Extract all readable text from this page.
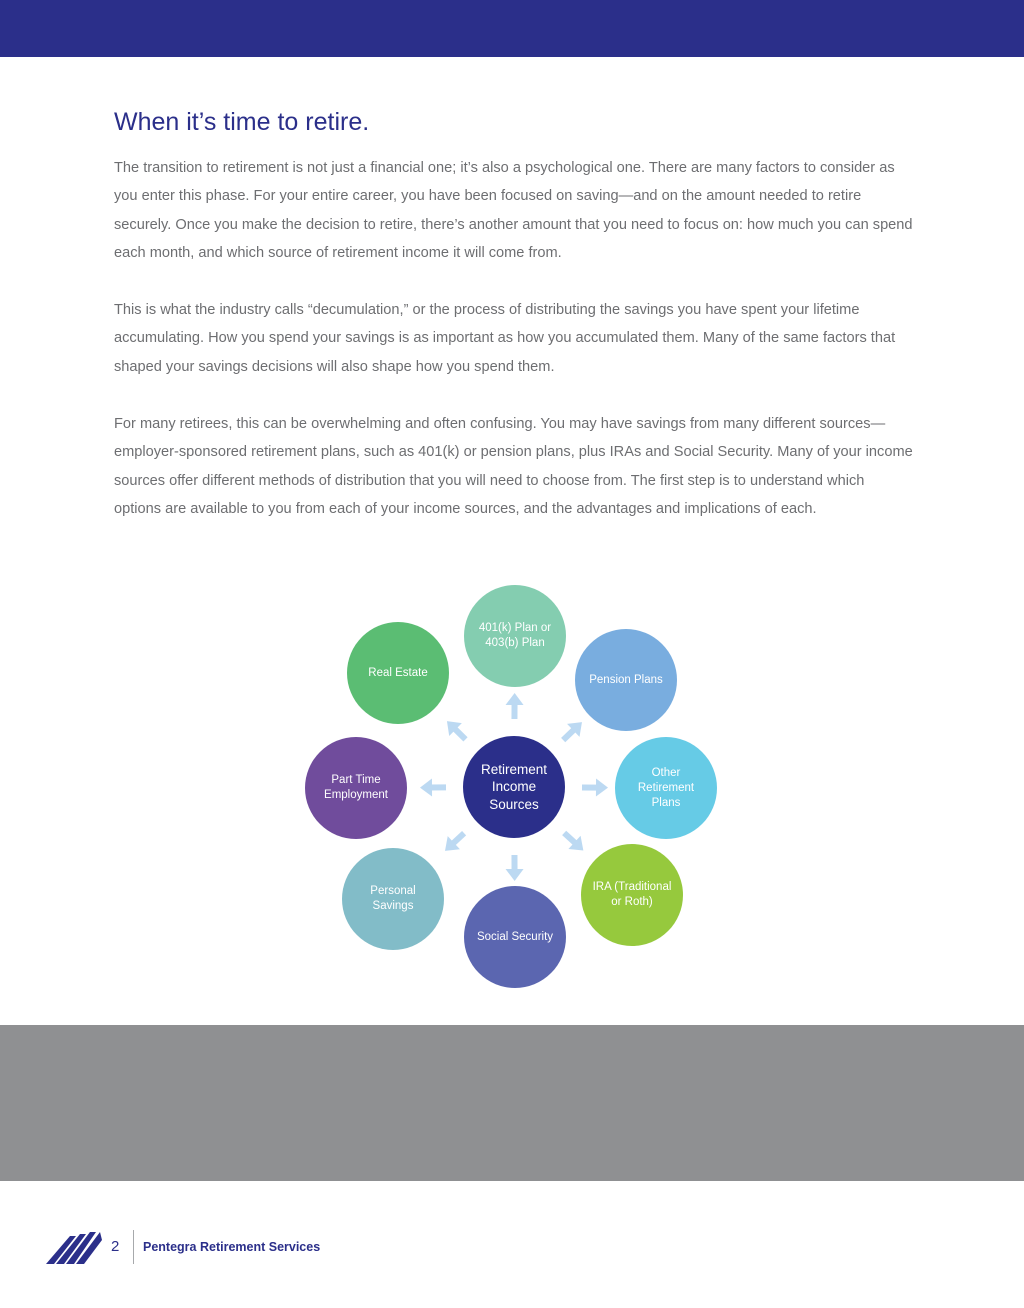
When it’s time to retire.

The transition to retirement is not just a financial one; it’s also a psychological one. There are many factors to consider as you enter this phase. For your entire career, you have been focused on saving—and on the amount needed to retire securely. Once you make the decision to retire, there’s another amount that you need to focus on: how much you can spend each month, and which source of retirement income it will come from.

This is what the industry calls “decumulation,” or the process of distributing the savings you have spent your lifetime accumulating. How you spend your savings is as important as how you accumulated them. Many of the same factors that shaped your savings decisions will also shape how you spend them.

For many retirees, this can be overwhelming and often confusing. You may have savings from many different sources—employer-sponsored retirement plans, such as 401(k) or pension plans, plus IRAs and Social Security. Many of your income sources offer different methods of distribution that you will need to choose from. The first step is to understand which options are available to you from each of your income sources, and the advantages and implications of each.

401(k) Plan or 403(b) Plan
Pension Plans
Other Retirement Plans
IRA (Traditional or Roth)
Social Security
Personal Savings
Part Time Employment
Real Estate
Retirement Income Sources
2 Pentegra Retirement Services
